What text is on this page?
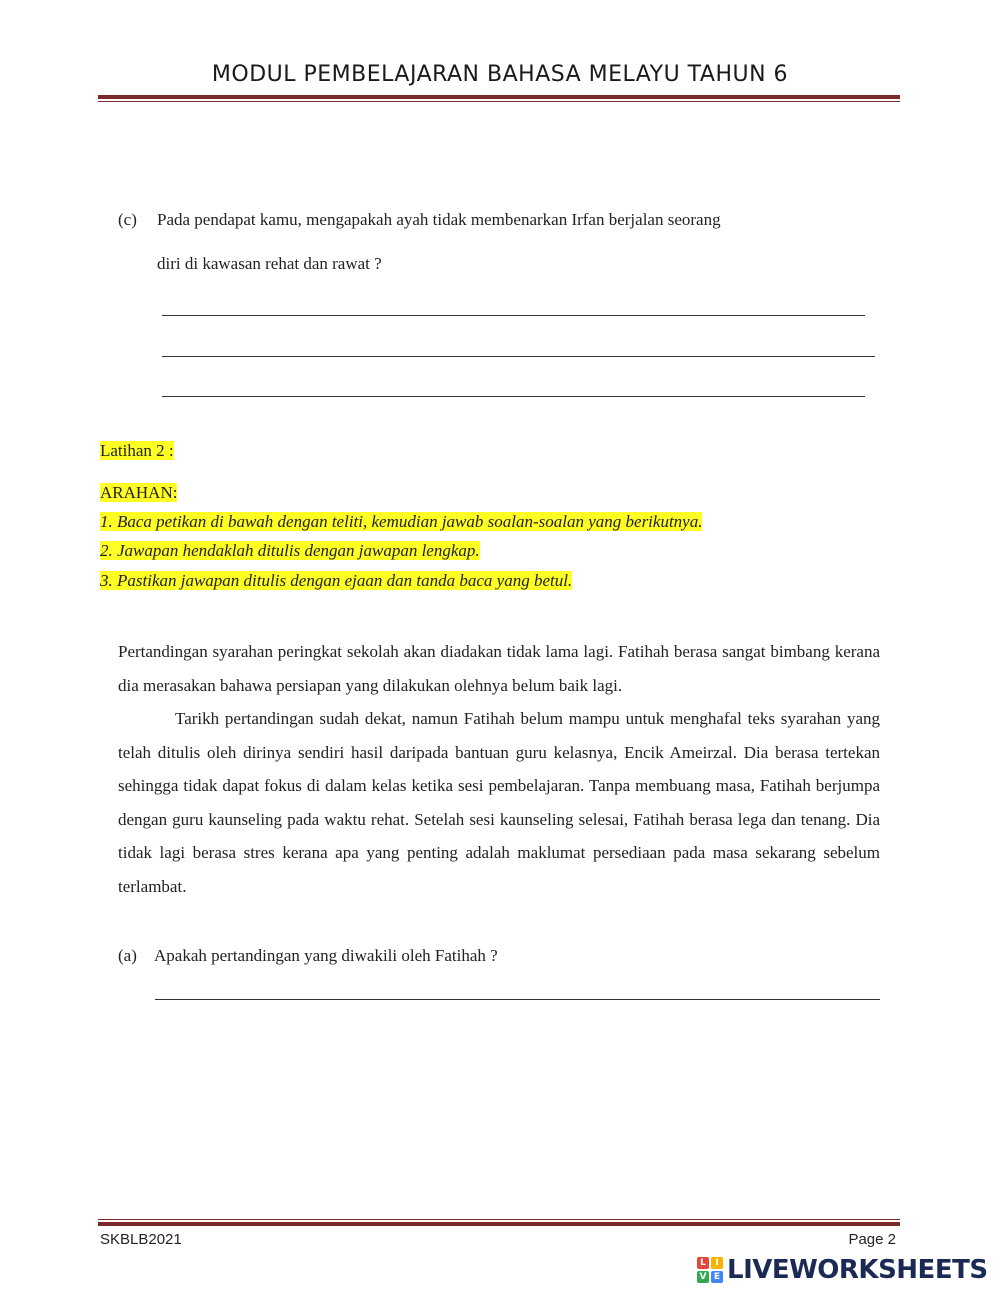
MODUL PEMBELAJARAN BAHASA MELAYU TAHUN 6
(c) Pada pendapat kamu, mengapakah ayah tidak membenarkan Irfan berjalan seorang
diri di kawasan rehat dan rawat ?
Latihan 2 :
ARAHAN:
1. Baca petikan di bawah dengan teliti, kemudian jawab soalan-soalan yang berikutnya.
2. Jawapan hendaklah ditulis dengan jawapan lengkap.
3. Pastikan jawapan ditulis dengan ejaan dan tanda baca yang betul.

Pertandingan syarahan peringkat sekolah akan diadakan tidak lama lagi. Fatihah berasa sangat bimbang kerana dia merasakan bahawa persiapan yang dilakukan olehnya belum baik lagi.

Tarikh pertandingan sudah dekat, namun Fatihah belum mampu untuk menghafal teks syarahan yang telah ditulis oleh dirinya sendiri hasil daripada bantuan guru kelasnya, Encik Ameirzal. Dia berasa tertekan sehingga tidak dapat fokus di dalam kelas ketika sesi pembelajaran. Tanpa membuang masa, Fatihah berjumpa dengan guru kaunseling pada waktu rehat. Setelah sesi kaunseling selesai, Fatihah berasa lega dan tenang. Dia tidak lagi berasa stres kerana apa yang penting adalah maklumat persediaan pada masa sekarang sebelum terlambat.

(a) Apakah pertandingan yang diwakili oleh Fatihah ?
SKBLB2021	Page 2
L	I
V E LIVEWORKSHEETS
